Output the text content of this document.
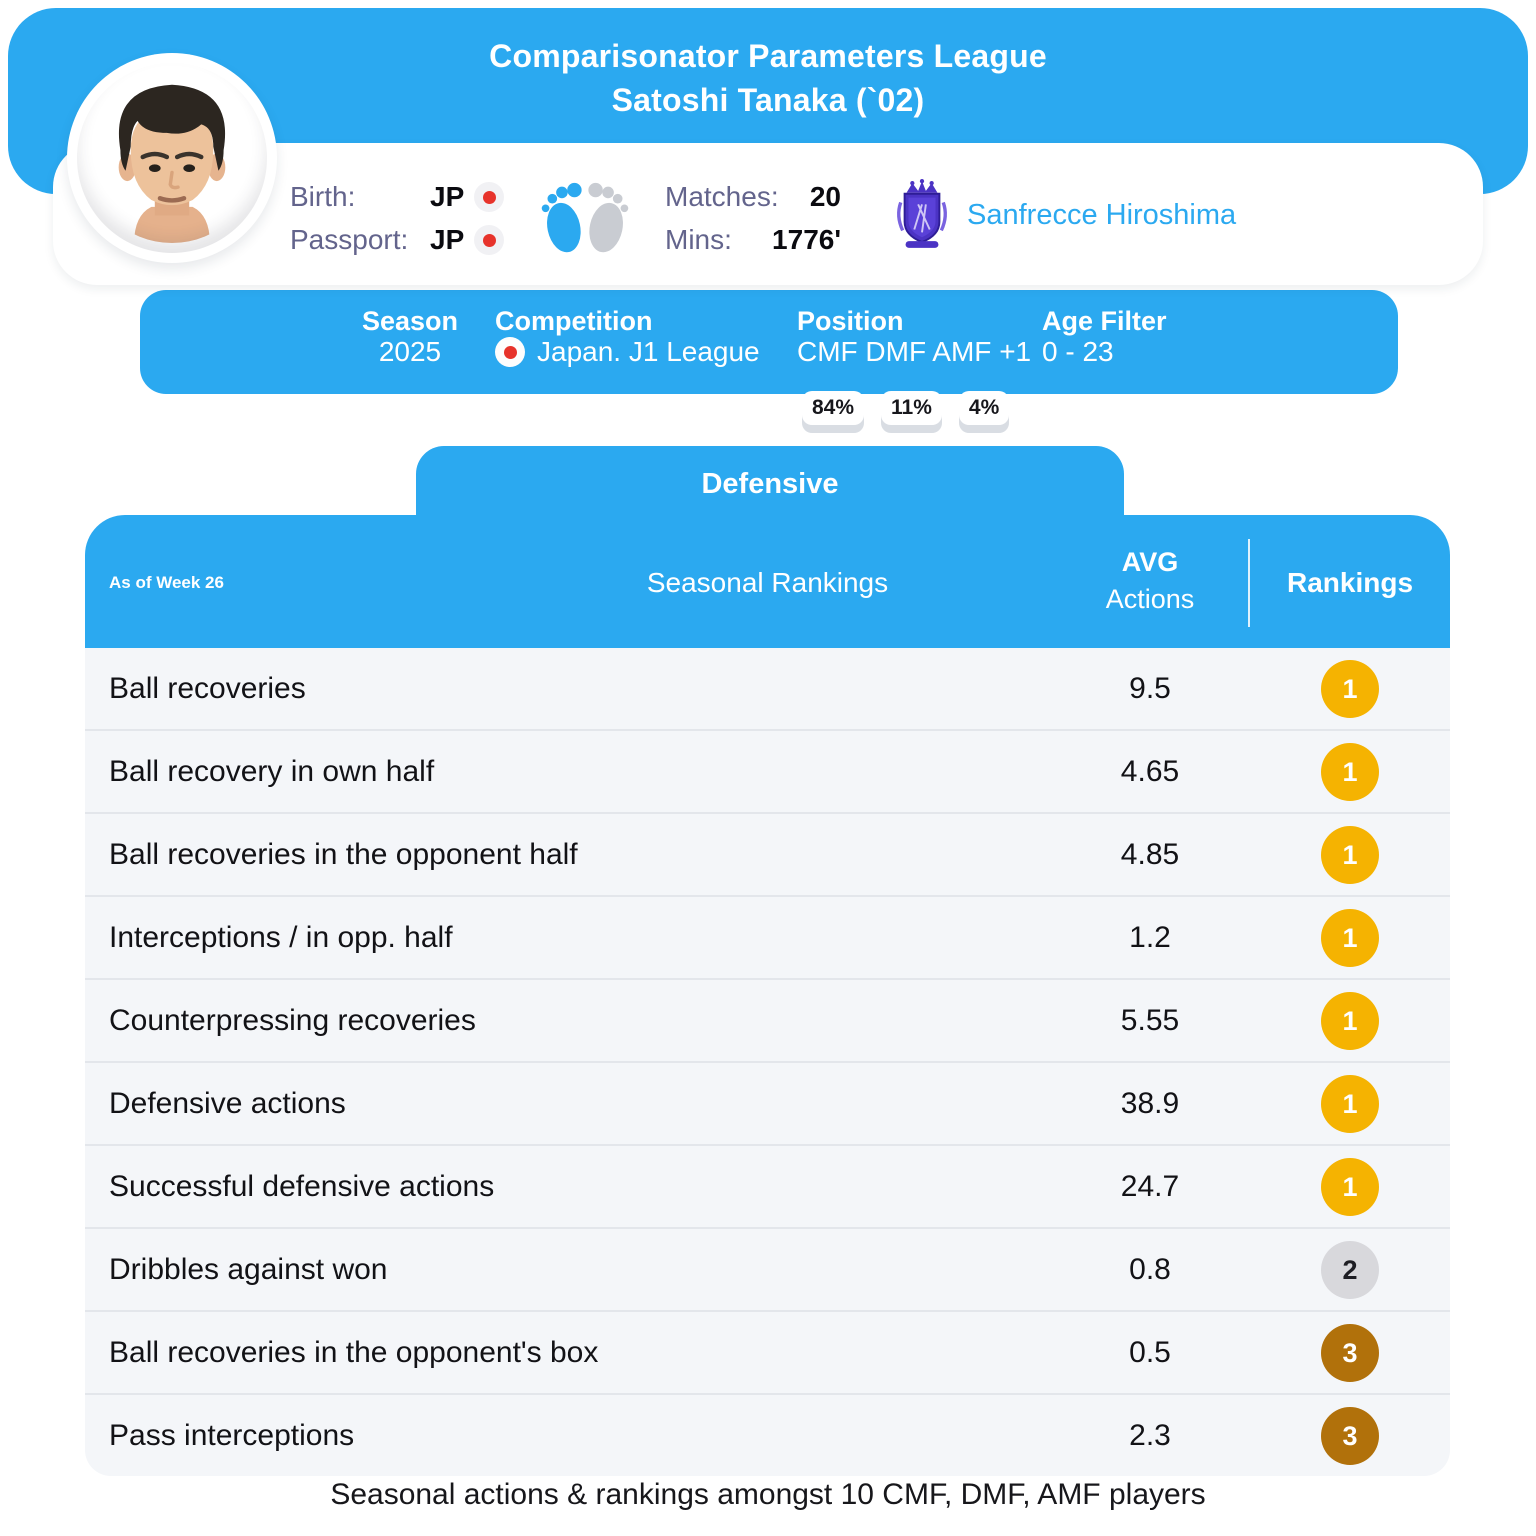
Comparisonator Parameters League
Satoshi Tanaka (`02)
Birth:	JP
Passport: JP
Matches: 20
Mins: 1776'
Sanfrecce Hiroshima
Season
2025
Competition
Japan. J1 League
Position
CMF DMF AMF +1
Age Filter
0 - 23
84%	11%	4%
Defensive
As of Week 26	Seasonal Rankings
AVG
Actions
Rankings
Ball recoveries	9.5	1
Ball recovery in own half	4.65	1
Ball recoveries in the opponent half	4.85	1
Interceptions / in opp. half	1.2	1
Counterpressing recoveries	5.55	1
Defensive actions	38.9	1
Successful defensive actions	24.7	1
Dribbles against won	0.8	2
Ball recoveries in the opponent's box	0.5	3
Pass interceptions	2.3	3
Seasonal actions & rankings amongst 10 CMF, DMF, AMF players
